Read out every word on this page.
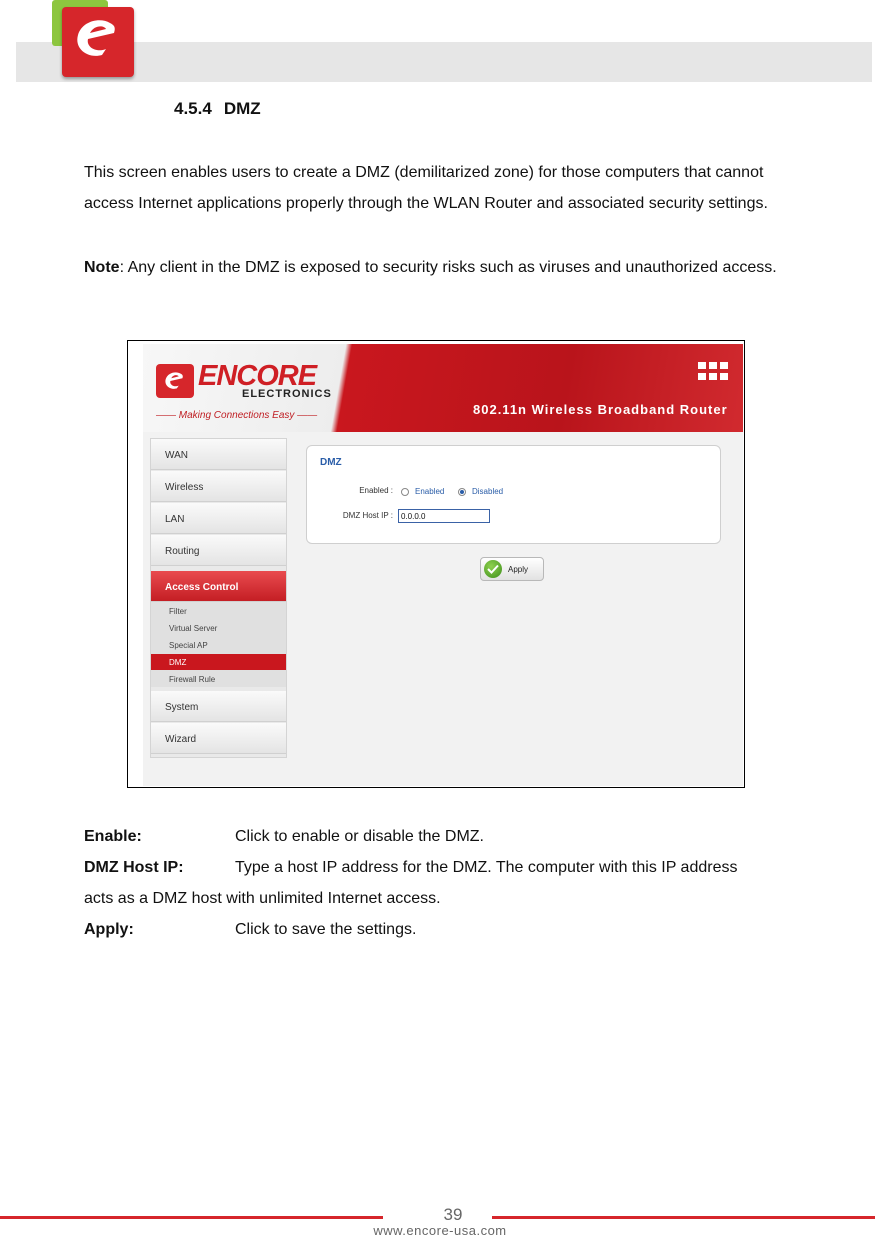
4.5.4 DMZ
This screen enables users to create a DMZ (demilitarized zone) for those computers that cannot access Internet applications properly through the WLAN Router and associated security settings.
Note: Any client in the DMZ is exposed to security risks such as viruses and unauthorized access.
ENCORE
ELECTRONICS
—— Making Connections Easy ——	802.11n Wireless Broadband Router
WAN
Wireless
LAN
Routing
Access Control
Filter
Virtual Server
Special AP
DMZ
Firewall Rule
System
Wizard
DMZ
Enabled :	Enabled	Disabled
DMZ Host IP :
0.0.0.0
Apply
Enable:	Click to enable or disable the DMZ.
DMZ Host IP:	Type a host IP address for the DMZ. The computer with this IP address
acts as a DMZ host with unlimited Internet access.
Apply:	Click to save the settings.
39
www.encore-usa.com
